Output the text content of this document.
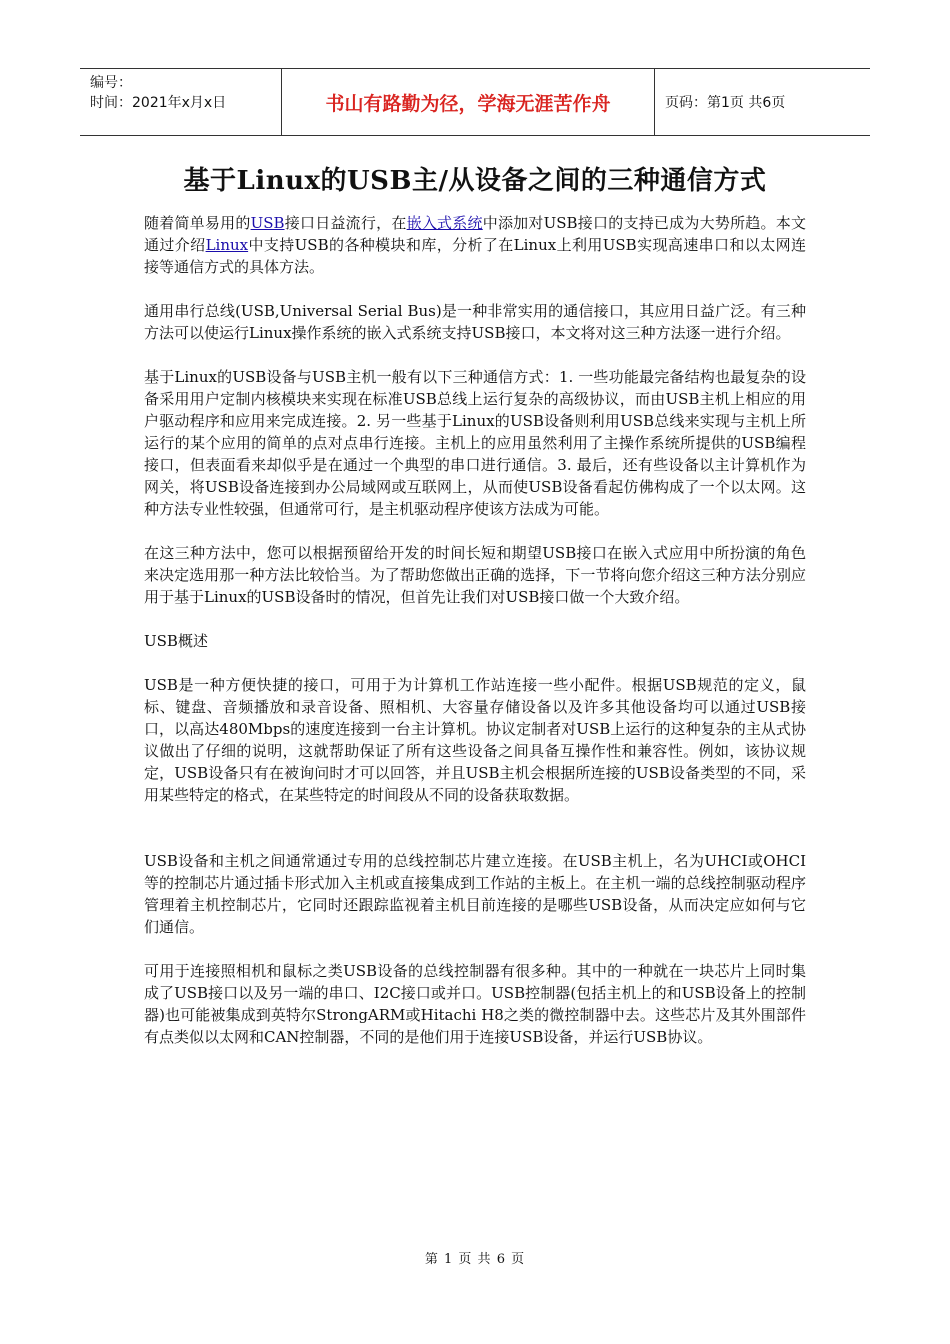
编号：
时间：2021年x月x日	书山有路勤为径，学海无涯苦作舟	页码：第1页 共6页
基于Linux的USB主/从设备之间的三种通信方式

随着简单易用的USB接口日益流行，在嵌入式系统中添加对USB接口的支持已成为大势所趋。本文通过介绍Linux中支持USB的各种模块和库，分析了在Linux上利用USB实现高速串口和以太网连接等通信方式的具体方法。

通用串行总线(USB,Universal Serial Bus)是一种非常实用的通信接口，其应用日益广泛。有三种方法可以使运行Linux操作系统的嵌入式系统支持USB接口，本文将对这三种方法逐一进行介绍。

基于Linux的USB设备与USB主机一般有以下三种通信方式：1. 一些功能最完备结构也最复杂的设备采用用户定制内核模块来实现在标准USB总线上运行复杂的高级协议，而由USB主机上相应的用户驱动程序和应用来完成连接。2. 另一些基于Linux的USB设备则利用USB总线来实现与主机上所运行的某个应用的简单的点对点串行连接。主机上的应用虽然利用了主操作系统所提供的USB编程接口，但表面看来却似乎是在通过一个典型的串口进行通信。3. 最后，还有些设备以主计算机作为网关，将USB设备连接到办公局域网或互联网上，从而使USB设备看起仿佛构成了一个以太网。这种方法专业性较强，但通常可行，是主机驱动程序使该方法成为可能。

在这三种方法中，您可以根据预留给开发的时间长短和期望USB接口在嵌入式应用中所扮演的角色来决定选用那一种方法比较恰当。为了帮助您做出正确的选择，下一节将向您介绍这三种方法分别应用于基于Linux的USB设备时的情况，但首先让我们对USB接口做一个大致介绍。

USB概述

USB是一种方便快捷的接口，可用于为计算机工作站连接一些小配件。根据USB规范的定义，鼠标、键盘、音频播放和录音设备、照相机、大容量存储设备以及许多其他设备均可以通过USB接口，以高达480Mbps的速度连接到一台主计算机。协议定制者对USB上运行的这种复杂的主从式协议做出了仔细的说明，这就帮助保证了所有这些设备之间具备互操作性和兼容性。例如，该协议规定，USB设备只有在被询问时才可以回答，并且USB主机会根据所连接的USB设备类型的不同，采用某些特定的格式，在某些特定的时间段从不同的设备获取数据。

USB设备和主机之间通常通过专用的总线控制芯片建立连接。在USB主机上，名为UHCI或OHCI等的控制芯片通过插卡形式加入主机或直接集成到工作站的主板上。在主机一端的总线控制驱动程序管理着主机控制芯片，它同时还跟踪监视着主机目前连接的是哪些USB设备，从而决定应如何与它们通信。

可用于连接照相机和鼠标之类USB设备的总线控制器有很多种。其中的一种就在一块芯片上同时集成了USB接口以及另一端的串口、I2C接口或并口。USB控制器(包括主机上的和USB设备上的控制器)也可能被集成到英特尔StrongARM或Hitachi H8之类的微控制器中去。这些芯片及其外围部件有点类似以太网和CAN控制器，不同的是他们用于连接USB设备，并运行USB协议。

第 1 页 共 6 页
